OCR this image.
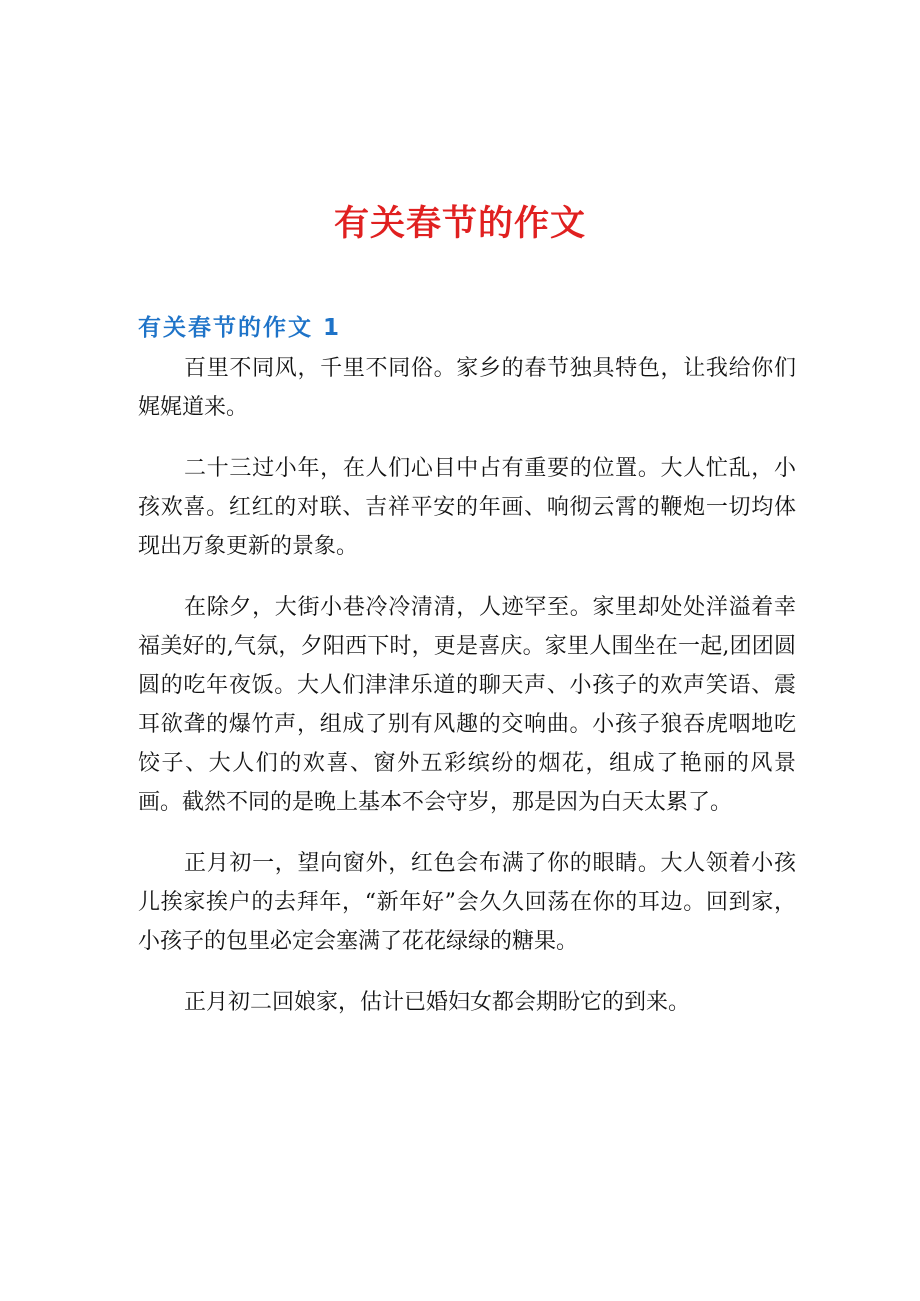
有关春节的作文
有关春节的作文 1

百里不同风，千里不同俗。家乡的春节独具特色，让我给你们娓娓道来。

二十三过小年，在人们心目中占有重要的位置。大人忙乱，小孩欢喜。红红的对联、吉祥平安的年画、响彻云霄的鞭炮一切均体现出万象更新的景象。

在除夕，大街小巷冷冷清清，人迹罕至。家里却处处洋溢着幸福美好的,气氛，夕阳西下时，更是喜庆。家里人围坐在一起,团团圆圆的吃年夜饭。大人们津津乐道的聊天声、小孩子的欢声笑语、震耳欲聋的爆竹声，组成了别有风趣的交响曲。小孩子狼吞虎咽地吃饺子、大人们的欢喜、窗外五彩缤纷的烟花，组成了艳丽的风景画。截然不同的是晚上基本不会守岁，那是因为白天太累了。

正月初一，望向窗外，红色会布满了你的眼睛。大人领着小孩儿挨家挨户的去拜年，“新年好”会久久回荡在你的耳边。回到家，小孩子的包里必定会塞满了花花绿绿的糖果。

正月初二回娘家，估计已婚妇女都会期盼它的到来。
